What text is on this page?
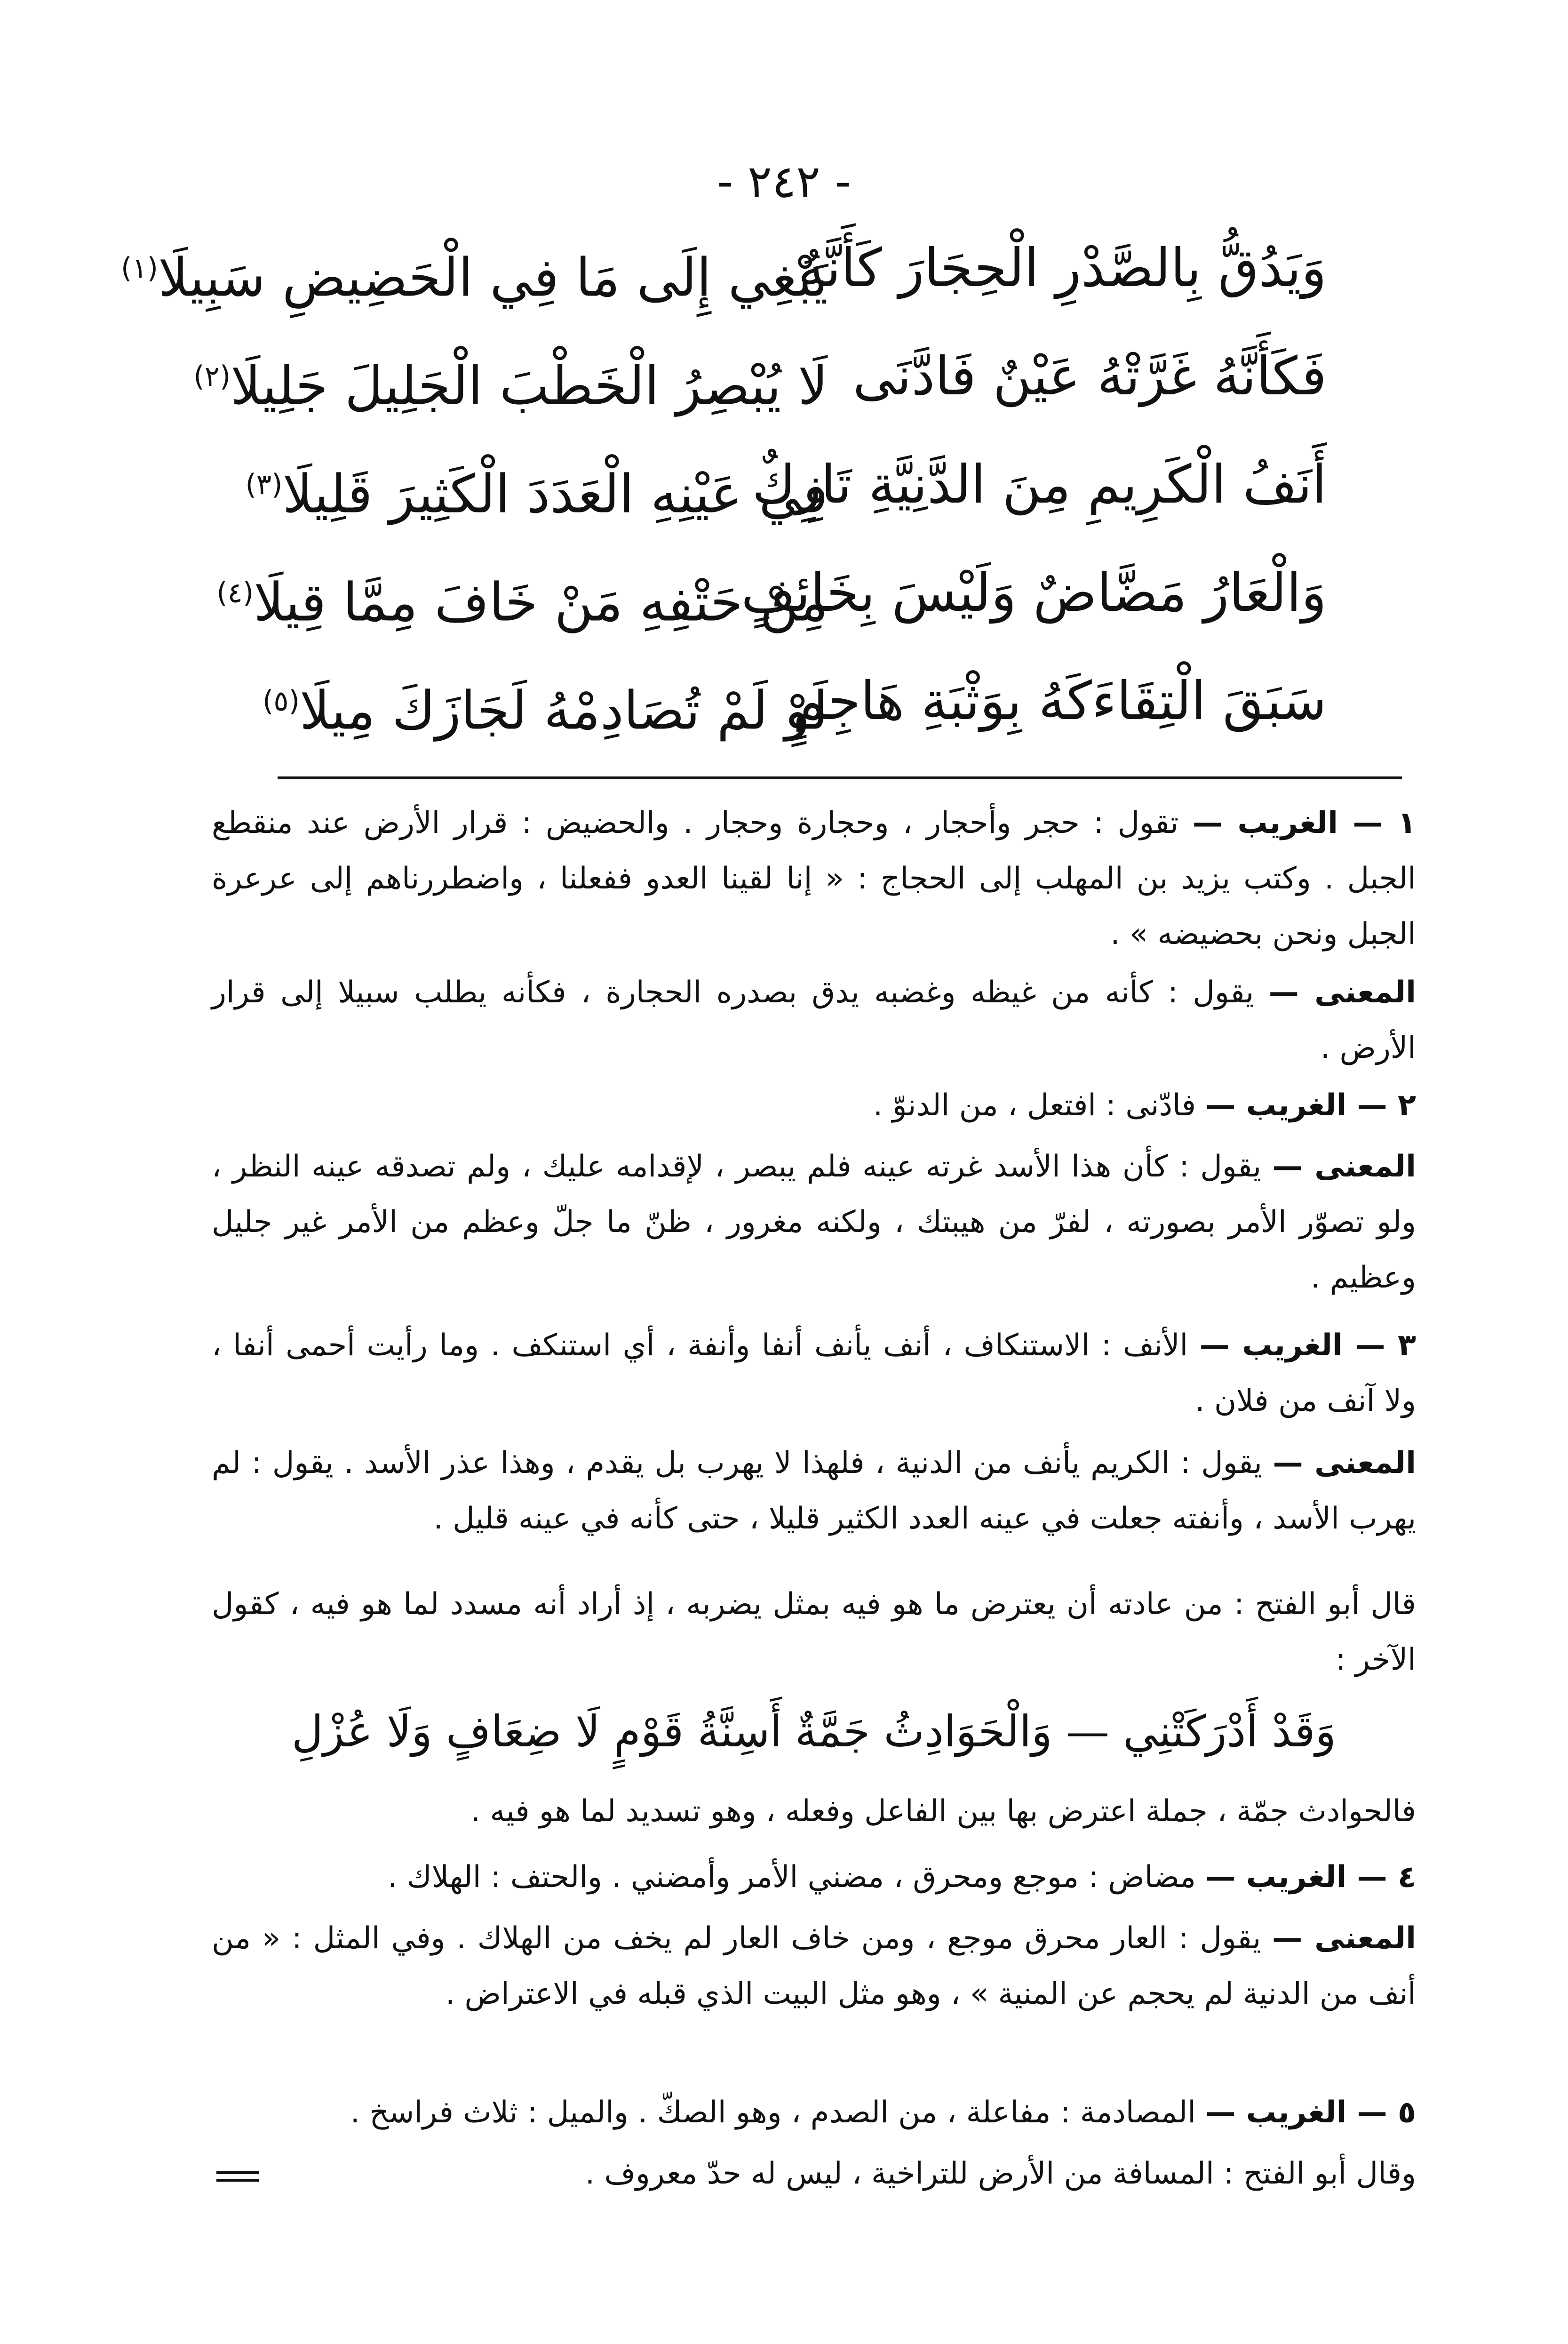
- ٢٤٢ -
وَيَدُقُّ بِالصَّدْرِ الْحِجَارَ كَأَنَّهُ
يَبْغِي إِلَى مَا فِي الْحَضِيضِ سَبِيلَا$^{(١)}$
فَكَأَنَّهُ غَرَّتْهُ عَيْنٌ فَادَّنَى
لَا يُبْصِرُ الْخَطْبَ الْجَلِيلَ جَلِيلَا$^{(٢)}$
أَنَفُ الْكَرِيمِ مِنَ الدَّنِيَّةِ تَارِكٌ
فِي عَيْنِهِ الْعَدَدَ الْكَثِيرَ قَلِيلَا$^{(٣)}$
وَالْعَارُ مَضَّاضٌ وَلَيْسَ بِخَائِفٍ
مِنْ حَتْفِهِ مَنْ خَافَ مِمَّا قِيلَا$^{(٤)}$
سَبَقَ الْتِقَاءَكَهُ بِوَثْبَةِ هَاجِمٍ
لَوْ لَمْ تُصَادِمْهُ لَجَازَكَ مِيلَا$^{(٥)}$
١ — الغريب — تقول : حجر وأحجار ، وحجارة وحجار . والحضيض : قرار الأرض عند منقطع الجبل . وكتب يزيد بن المهلب إلى الحجاج : « إنا لقينا العدو ففعلنا ، واضطررناهم إلى عرعرة الجبل ونحن بحضيضه » .
المعنى — يقول : كأنه من غيظه وغضبه يدق بصدره الحجارة ، فكأنه يطلب سبيلا إلى قرار الأرض .
٢ — الغريب — فادّنى : افتعل ، من الدنوّ .
المعنى — يقول : كأن هذا الأسد غرته عينه فلم يبصر ، لإقدامه عليك ، ولم تصدقه عينه النظر ، ولو تصوّر الأمر بصورته ، لفرّ من هيبتك ، ولكنه مغرور ، ظنّ ما جلّ وعظم من الأمر غير جليل وعظيم .
٣ — الغريب — الأنف : الاستنكاف ، أنف يأنف أنفا وأنفة ، أي استنكف . وما رأيت أحمى أنفا ، ولا آنف من فلان .
المعنى — يقول : الكريم يأنف من الدنية ، فلهذا لا يهرب بل يقدم ، وهذا عذر الأسد . يقول : لم يهرب الأسد ، وأنفته جعلت في عينه العدد الكثير قليلا ، حتى كأنه في عينه قليل .
قال أبو الفتح : من عادته أن يعترض ما هو فيه بمثل يضربه ، إذ أراد أنه مسدد لما هو فيه ، كقول الآخر :
وَقَدْ أَدْرَكَتْنِي — وَالْحَوَادِثُ جَمَّةٌ
أَسِنَّةُ قَوْمٍ لَا ضِعَافٍ وَلَا عُزْلِ
فالحوادث جمّة ، جملة اعترض بها بين الفاعل وفعله ، وهو تسديد لما هو فيه .
٤ — الغريب — مضاض : موجع ومحرق ، مضني الأمر وأمضني . والحتف : الهلاك .
المعنى — يقول : العار محرق موجع ، ومن خاف العار لم يخف من الهلاك . وفي المثل : « من أنف من الدنية لم يحجم عن المنية » ، وهو مثل البيت الذي قبله في الاعتراض .
٥ — الغريب — المصادمة : مفاعلة ، من الصدم ، وهو الصكّ . والميل : ثلاث فراسخ .
وقال أبو الفتح : المسافة من الأرض للتراخية ، ليس له حدّ معروف .
